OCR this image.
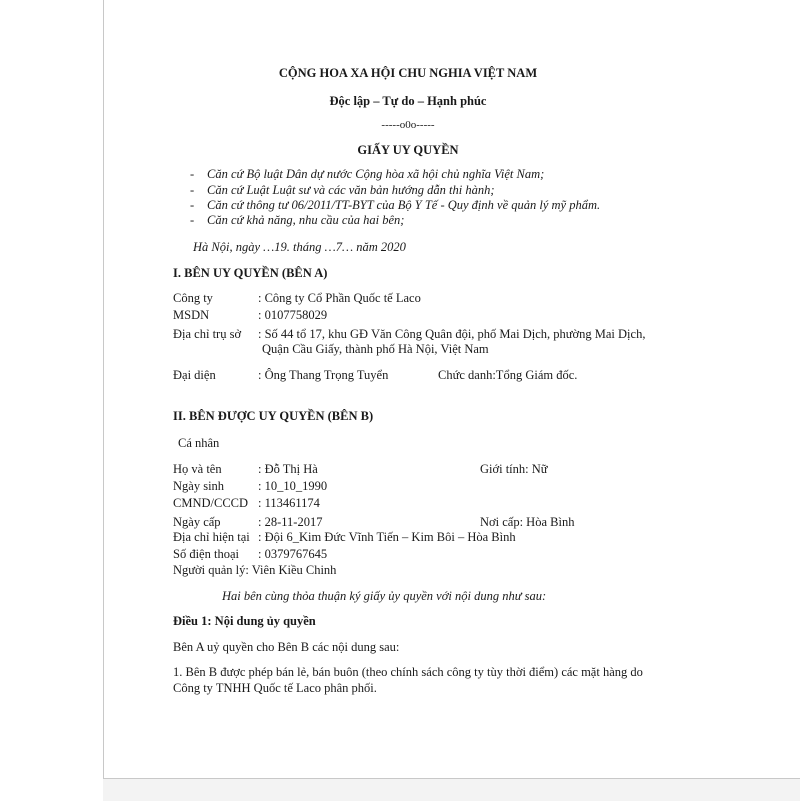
CỘNG HOA XA HỘI CHU NGHIA VIỆT NAM
Độc lập – Tự do – Hạnh phúc
-----o0o-----
GIẤY UY QUYỀN
- Căn cứ Bộ luật Dân dự nước Cộng hòa xã hội chủ nghĩa Việt Nam;
- Căn cứ Luật Luật sư và các văn bản hướng dẫn thi hành;
- Căn cứ thông tư 06/2011/TT-BYT của Bộ Y Tế - Quy định về quản lý mỹ phẩm.
- Căn cứ khả năng, nhu cầu của hai bên;
Hà Nội, ngày …19. tháng …7… năm 2020
I. BÊN UY QUYỀN (BÊN A)
Công ty	: Công ty Cổ Phần Quốc tế Laco
MSDN	: 0107758029
Địa chỉ trụ sở : Số 44 tổ 17, khu GĐ Văn Công Quân đội, phố Mai Dịch, phường Mai Dịch,
Quận Cầu Giấy, thành phố Hà Nội, Việt Nam
Đại diện	: Ông Thang Trọng Tuyển	Chức danh:Tổng Giám đốc.
II. BÊN ĐƯỢC UY QUYỀN (BÊN B)
Cá nhân
Họ và tên	: Đỗ Thị Hà	Giới tính: Nữ
Ngày sinh	: 10_10_1990
CMND/CCCD : 113461174
Ngày cấp	: 28-11-2017	Nơi cấp: Hòa Bình
Địa chỉ hiện tại : Đội 6_Kim Đức Vĩnh Tiến – Kim Bôi – Hòa Bình
Số điện thoại : 0379767645
Người quản lý: Viên Kiều Chinh
Hai bên cùng thỏa thuận ký giấy ủy quyền với nội dung như sau:
Điều 1: Nội dung ủy quyền
Bên A uỷ quyền cho Bên B các nội dung sau:
1. Bên B được phép bán lẻ, bán buôn (theo chính sách công ty tùy thời điểm) các mặt hàng do
Công ty TNHH Quốc tế Laco phân phối.
